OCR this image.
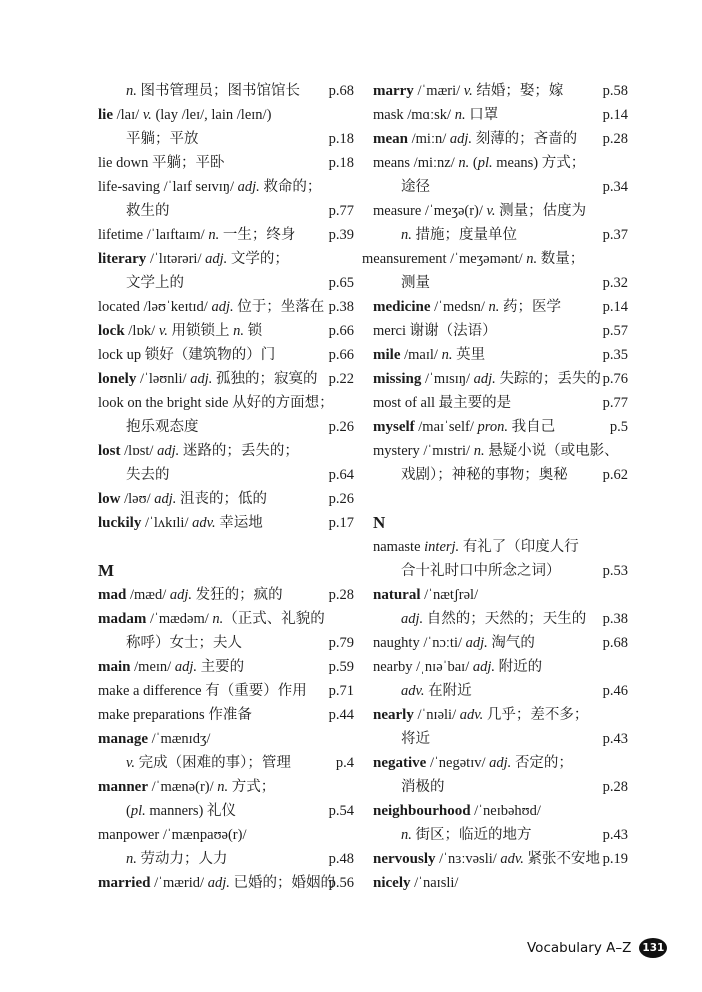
n. 图书管理员；图书馆馆长 p.68
lie /laɪ/ v. (lay /leɪ/, lain /leɪn/)
平躺；平放	p.18
lie down 平躺；平卧	p.18
life-saving /ˈlaɪf seɪvɪŋ/ adj. 救命的；
救生的	p.77
lifetime /ˈlaɪftaɪm/ n. 一生；终身 p.39
literary /ˈlɪtərəri/ adj. 文学的；
文学上的	p.65
located /ləʊˈkeɪtɪd/ adj. 位于；坐落在 p.38
lock /lɒk/ v. 用锁锁上 n. 锁	p.66
lock up 锁好（建筑物的）门	p.66
lonely /ˈləʊnli/ adj. 孤独的；寂寞的 p.22
look on the bright side 从好的方面想；
抱乐观态度	p.26
lost /lɒst/ adj. 迷路的；丢失的；
失去的	p.64
low /ləʊ/ adj. 沮丧的；低的	p.26
luckily /ˈlʌkɪli/ adv. 幸运地	p.17
M
mad /mæd/ adj. 发狂的；疯的	p.28
madam /ˈmædəm/ n.（正式、礼貌的
称呼）女士；夫人	p.79
main /meɪn/ adj. 主要的	p.59
make a difference 有（重要）作用 p.71
make preparations 作准备	p.44
manage /ˈmænɪdʒ/
v. 完成（困难的事）；管理	p.4
manner /ˈmænə(r)/ n. 方式；
(pl. manners) 礼仪	p.54
manpower /ˈmænpaʊə(r)/
n. 劳动力；人力	p.48
married /ˈmærid/ adj. 已婚的；婚姻的
p.56
marry /ˈmæri/ v. 结婚；娶；嫁	p.58
mask /mɑːsk/ n. 口罩	p.14
mean /miːn/ adj. 刻薄的；吝啬的 p.28
means /miːnz/ n. (pl. means) 方式；
途径	p.34
measure /ˈmeʒə(r)/ v. 测量；估度为
n. 措施；度量单位	p.37
meansurement /ˈmeʒəmənt/ n. 数量；
测量	p.32
medicine /ˈmedsn/ n. 药；医学	p.14
merci 谢谢（法语）	p.57
mile /maɪl/ n. 英里	p.35
missing /ˈmɪsɪŋ/ adj. 失踪的；丢失的 p.76
most of all 最主要的是	p.77
myself /maɪˈself/ pron. 我自己	p.5
mystery /ˈmɪstri/ n. 悬疑小说（或电影、
戏剧）；神秘的事物；奥秘 p.62
N
namaste interj. 有礼了（印度人行
合十礼时口中所念之词）	p.53
natural /ˈnætʃrəl/
adj. 自然的；天然的；天生的 p.38
naughty /ˈnɔːti/ adj. 淘气的	p.68
nearby /ˌnɪəˈbaɪ/ adj. 附近的
adv. 在附近	p.46
nearly /ˈnɪəli/ adv. 几乎；差不多；
将近	p.43
negative /ˈnegətɪv/ adj. 否定的；
消极的	p.28
neighbourhood /ˈneɪbəhʊd/
n. 街区；临近的地方	p.43
nervously /ˈnɜːvəsli/ adv. 紧张不安地 p.19
nicely /ˈnaɪsli/
Vocabulary A–Z 131
